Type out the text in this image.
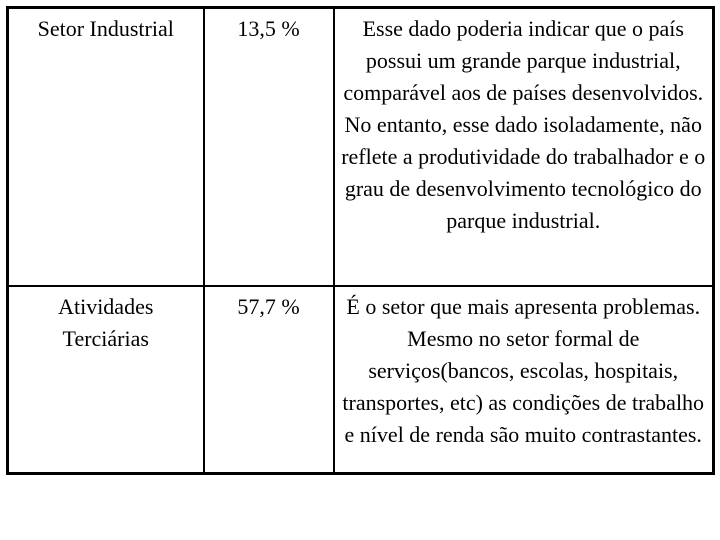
Setor Industrial	13,5 %	Esse dado poderia indicar que o país possui um grande parque industrial, comparável aos de países desenvolvidos. No entanto, esse dado isoladamente, não reflete a produtividade do trabalhador e o grau de desenvolvimento tecnológico do parque industrial.
Atividades Terciárias	57,7 %	É o setor que mais apresenta problemas. Mesmo no setor formal de serviços(bancos, escolas, hospitais, transportes, etc) as condições de trabalho e nível de renda são muito contrastantes.
